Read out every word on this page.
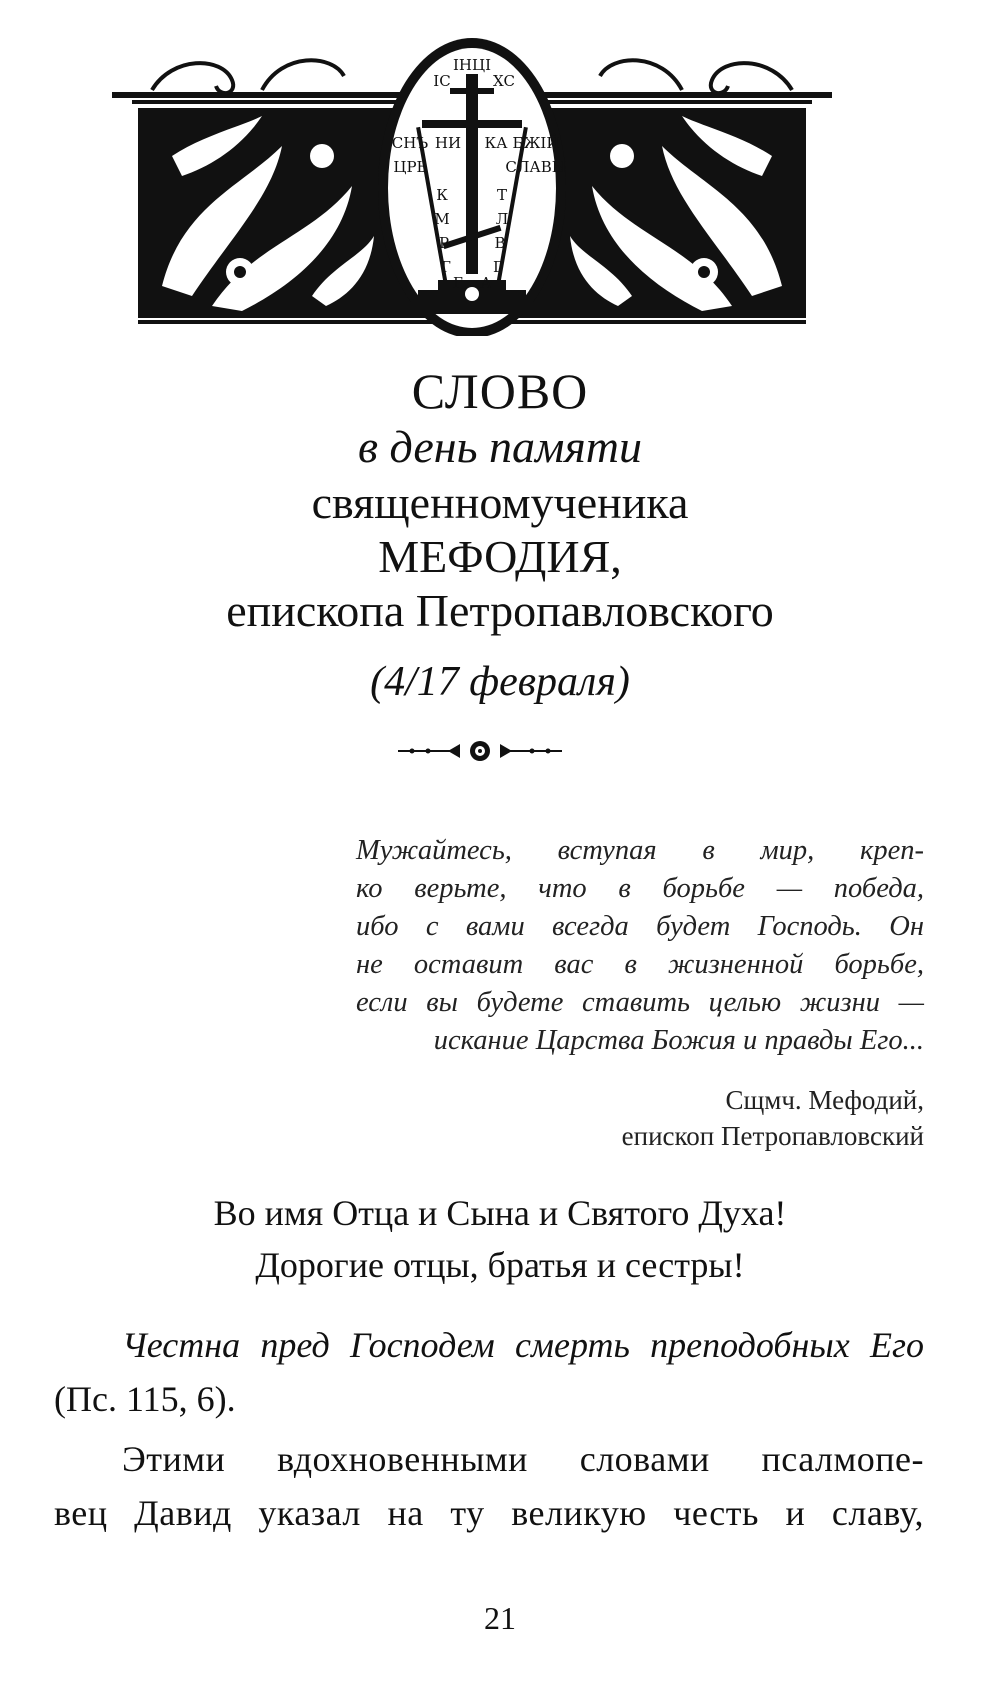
IНЦI
IC	XC
СНЪ	БЖIЙ
ЦРЬ	СЛАВЫ
НИ КА
К	Т
М	Л
Р	В
Г	Г
Г А
СЛОВО
в день памяти
священномученика
МЕФОДИЯ,
епископа Петропавловского
(4/17 февраля)
Мужайтесь, вступая в мир, креп-
ко верьте, что в борьбе — победа,
ибо с вами всегда будет Господь. Он
не оставит вас в жизненной борьбе,
если вы будете ставить целью жизни —
искание Царства Божия и правды Его...
Сщмч. Мефодий,
епископ Петропавловский
Во имя Отца и Сына и Святого Духа!
Дорогие отцы, братья и сестры!
Честна пред Господем смерть преподобных Его
(Пс. 115, 6).
Этими вдохновенными словами псалмопе-
вец Давид указал на ту великую честь и славу,
21
